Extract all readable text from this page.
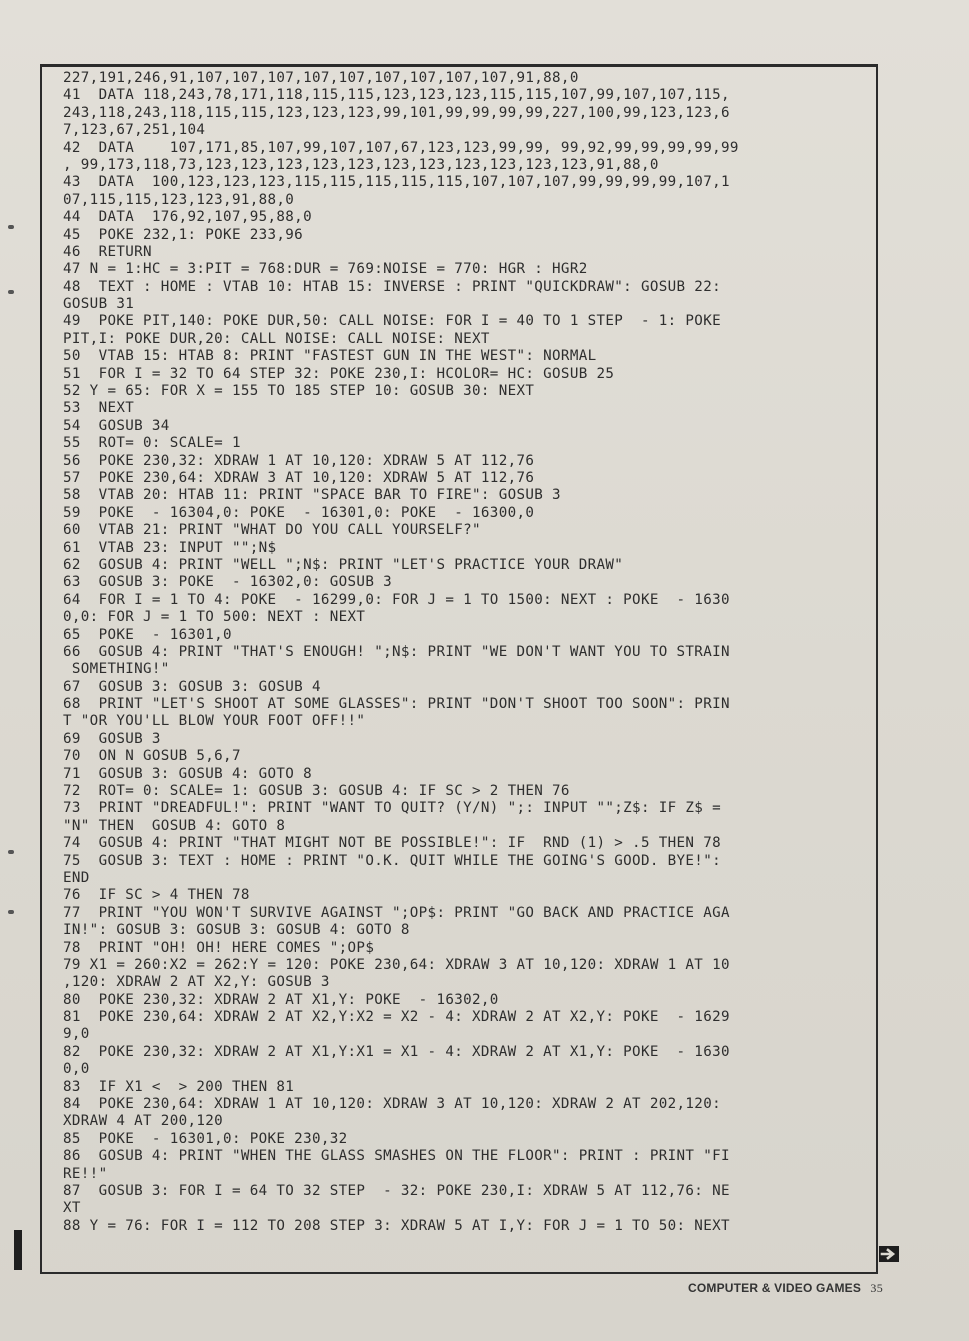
227,191,246,91,107,107,107,107,107,107,107,107,107,91,88,0
41  DATA 118,243,78,171,118,115,115,123,123,123,115,115,107,99,107,107,115,
243,118,243,118,115,115,123,123,123,99,101,99,99,99,99,227,100,99,123,123,6
7,123,67,251,104
42  DATA    107,171,85,107,99,107,107,67,123,123,99,99, 99,92,99,99,99,99,99
, 99,173,118,73,123,123,123,123,123,123,123,123,123,123,123,91,88,0
43  DATA  100,123,123,123,115,115,115,115,115,107,107,107,99,99,99,99,107,1
07,115,115,123,123,91,88,0
44  DATA  176,92,107,95,88,0
45  POKE 232,1: POKE 233,96
46  RETURN
47 N = 1:HC = 3:PIT = 768:DUR = 769:NOISE = 770: HGR : HGR2
48  TEXT : HOME : VTAB 10: HTAB 15: INVERSE : PRINT "QUICKDRAW": GOSUB 22:
GOSUB 31
49  POKE PIT,140: POKE DUR,50: CALL NOISE: FOR I = 40 TO 1 STEP  - 1: POKE
PIT,I: POKE DUR,20: CALL NOISE: CALL NOISE: NEXT
50  VTAB 15: HTAB 8: PRINT "FASTEST GUN IN THE WEST": NORMAL
51  FOR I = 32 TO 64 STEP 32: POKE 230,I: HCOLOR= HC: GOSUB 25
52 Y = 65: FOR X = 155 TO 185 STEP 10: GOSUB 30: NEXT
53  NEXT
54  GOSUB 34
55  ROT= 0: SCALE= 1
56  POKE 230,32: XDRAW 1 AT 10,120: XDRAW 5 AT 112,76
57  POKE 230,64: XDRAW 3 AT 10,120: XDRAW 5 AT 112,76
58  VTAB 20: HTAB 11: PRINT "SPACE BAR TO FIRE": GOSUB 3
59  POKE  - 16304,0: POKE  - 16301,0: POKE  - 16300,0
60  VTAB 21: PRINT "WHAT DO YOU CALL YOURSELF?"
61  VTAB 23: INPUT "";N$
62  GOSUB 4: PRINT "WELL ";N$: PRINT "LET'S PRACTICE YOUR DRAW"
63  GOSUB 3: POKE  - 16302,0: GOSUB 3
64  FOR I = 1 TO 4: POKE  - 16299,0: FOR J = 1 TO 1500: NEXT : POKE  - 1630
0,0: FOR J = 1 TO 500: NEXT : NEXT
65  POKE  - 16301,0
66  GOSUB 4: PRINT "THAT'S ENOUGH! ";N$: PRINT "WE DON'T WANT YOU TO STRAIN
SOMETHING!"
67  GOSUB 3: GOSUB 3: GOSUB 4
68  PRINT "LET'S SHOOT AT SOME GLASSES": PRINT "DON'T SHOOT TOO SOON": PRIN
T "OR YOU'LL BLOW YOUR FOOT OFF!!"
69  GOSUB 3
70  ON N GOSUB 5,6,7
71  GOSUB 3: GOSUB 4: GOTO 8
72  ROT= 0: SCALE= 1: GOSUB 3: GOSUB 4: IF SC > 2 THEN 76
73  PRINT "DREADFUL!": PRINT "WANT TO QUIT? (Y/N) ";: INPUT "";Z$: IF Z$ =
"N" THEN  GOSUB 4: GOTO 8
74  GOSUB 4: PRINT "THAT MIGHT NOT BE POSSIBLE!": IF  RND (1) > .5 THEN 78
75  GOSUB 3: TEXT : HOME : PRINT "O.K. QUIT WHILE THE GOING'S GOOD. BYE!":
END
76  IF SC > 4 THEN 78
77  PRINT "YOU WON'T SURVIVE AGAINST ";OP$: PRINT "GO BACK AND PRACTICE AGA
IN!": GOSUB 3: GOSUB 3: GOSUB 4: GOTO 8
78  PRINT "OH! OH! HERE COMES ";OP$
79 X1 = 260:X2 = 262:Y = 120: POKE 230,64: XDRAW 3 AT 10,120: XDRAW 1 AT 10
,120: XDRAW 2 AT X2,Y: GOSUB 3
80  POKE 230,32: XDRAW 2 AT X1,Y: POKE  - 16302,0
81  POKE 230,64: XDRAW 2 AT X2,Y:X2 = X2 - 4: XDRAW 2 AT X2,Y: POKE  - 1629
9,0
82  POKE 230,32: XDRAW 2 AT X1,Y:X1 = X1 - 4: XDRAW 2 AT X1,Y: POKE  - 1630
0,0
83  IF X1 <  > 200 THEN 81
84  POKE 230,64: XDRAW 1 AT 10,120: XDRAW 3 AT 10,120: XDRAW 2 AT 202,120:
XDRAW 4 AT 200,120
85  POKE  - 16301,0: POKE 230,32
86  GOSUB 4: PRINT "WHEN THE GLASS SMASHES ON THE FLOOR": PRINT : PRINT "FI
RE!!"
87  GOSUB 3: FOR I = 64 TO 32 STEP  - 32: POKE 230,I: XDRAW 5 AT 112,76: NE
XT
88 Y = 76: FOR I = 112 TO 208 STEP 3: XDRAW 5 AT I,Y: FOR J = 1 TO 50: NEXT
COMPUTER & VIDEO GAMES 35
